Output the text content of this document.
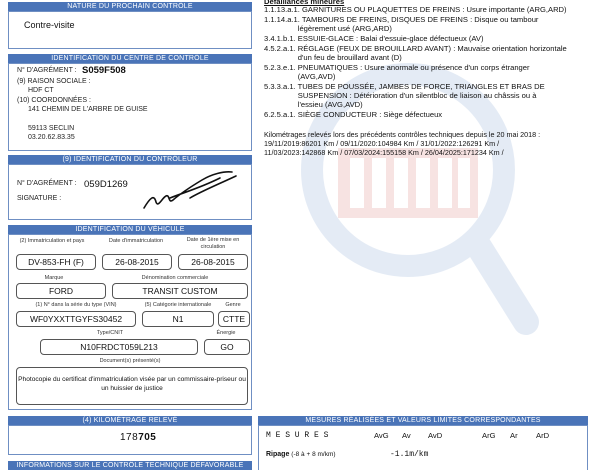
NATURE DU PROCHAIN CONTRÔLE
Contre-visite
IDENTIFICATION DU CENTRE DE CONTRÔLE
N° D'AGRÉMENT : S059F508
(9) RAISON SOCIALE :
HDF CT
(10) COORDONNÉES :
141 CHEMIN DE L'ARBRE DE GUISE
59113 SECLIN
03.20.62.83.35
(9) IDENTIFICATION DU CONTRÔLEUR
N° D'AGRÉMENT : 059D1269
SIGNATURE :
IDENTIFICATION DU VÉHICULE
(2) Immatriculation et pays	Date d'immatriculation	Date de 1ère mise en circulation
DV-853-FH (F)	26-08-2015	26-08-2015
Marque	Dénomination commerciale
FORD	TRANSIT CUSTOM
(1) N° dans la série du type (VIN)	(5) Catégorie internationale	Genre
WF0YXXTTGYFS30452	N1	CTTE
Type/CNIT	Énergie
N10FRDCT059L213	GO
Document(s) présenté(s)
Photocopie du certificat d'immatriculation visée par un commissaire-priseur ou un huissier de justice
(4) KILOMÉTRAGE RELEVÉ
178705
INFORMATIONS SUR LE CONTRÔLE TECHNIQUE DÉFAVORABLE
Défaillances mineures
1.1.13.a.1. GARNITURES OU PLAQUETTES DE FREINS : Usure importante (ARG,ARD)
1.1.14.a.1. TAMBOURS DE FREINS, DISQUES DE FREINS : Disque ou tambour
légèrement usé (ARG,ARD)
3.4.1.b.1. ESSUIE-GLACE : Balai d'essuie-glace défectueux (AV)
4.5.2.a.1. RÉGLAGE (FEUX DE BROUILLARD AVANT) : Mauvaise orientation horizontale
d'un feu de brouillard avant (D)
5.2.3.e.1. PNEUMATIQUES : Usure anormale ou présence d'un corps étranger
(AVG,AVD)
5.3.3.a.1. TUBES DE POUSSÉE, JAMBES DE FORCE, TRIANGLES ET BRAS DE
SUSPENSION : Détérioration d'un silentbloc de liaison au châssis ou à
l'essieu (AVG,AVD)
6.2.5.a.1. SIÈGE CONDUCTEUR : Siège défectueux
Kilométrages relevés lors des précédents contrôles techniques depuis le 20 mai 2018 :
19/11/2019:86201 Km / 09/11/2020:104984 Km / 31/01/2022:126291 Km /
11/03/2023:142868 Km / 07/03/2024:155158 Km / 26/04/2025:171234 Km /
MESURES RÉALISÉES ET VALEURS LIMITES CORRESPONDANTES
M E S U R E S	AvG Av AvD	ArG Ar ArD
Ripage (-8 à + 8 m/km)	-1.1m/km
